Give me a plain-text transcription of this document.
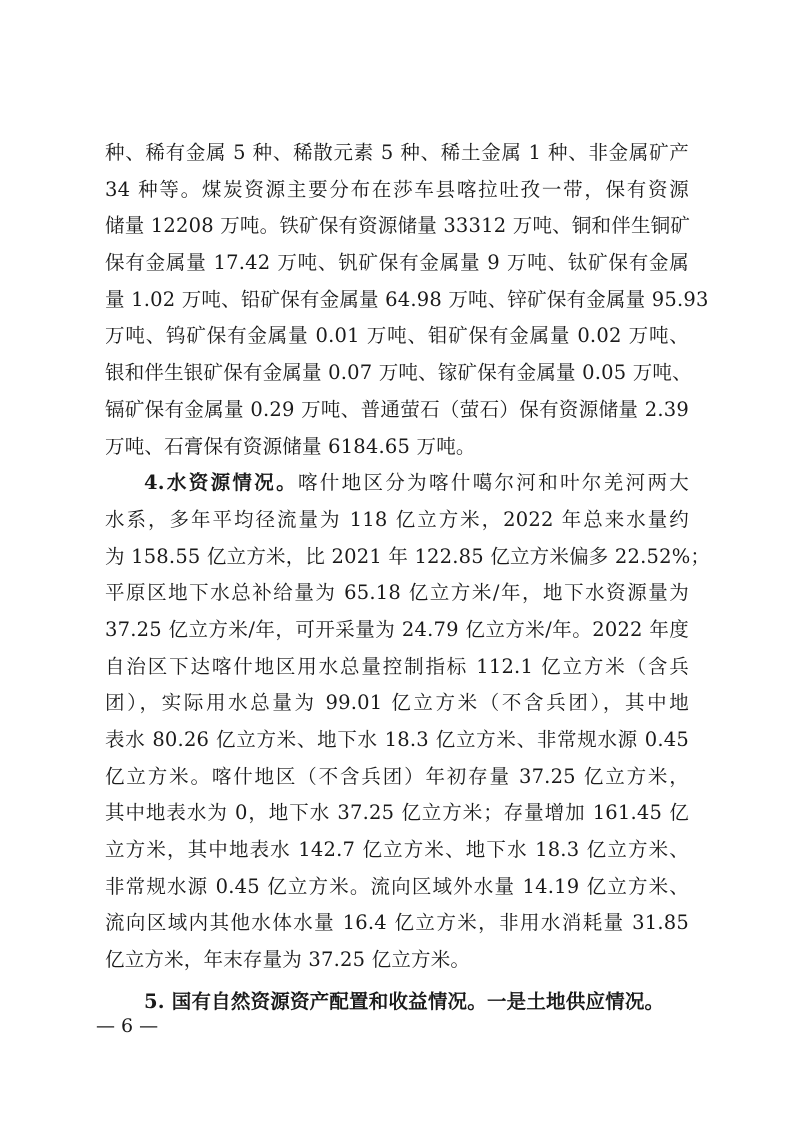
种、稀有金属 5 种、稀散元素 5 种、稀土金属 1 种、非金属矿产
34 种等。煤炭资源主要分布在莎车县喀拉吐孜一带，保有资源
储量 12208 万吨。铁矿保有资源储量 33312 万吨、铜和伴生铜矿
保有金属量 17.42 万吨、钒矿保有金属量 9 万吨、钛矿保有金属
量 1.02 万吨、铅矿保有金属量 64.98 万吨、锌矿保有金属量 95.93
万吨、钨矿保有金属量 0.01 万吨、钼矿保有金属量 0.02 万吨、
银和伴生银矿保有金属量 0.07 万吨、镓矿保有金属量 0.05 万吨、
镉矿保有金属量 0.29 万吨、普通萤石（萤石）保有资源储量 2.39
万吨、石膏保有资源储量 6184.65 万吨。
4.水资源情况。喀什地区分为喀什噶尔河和叶尔羌河两大
水系，多年平均径流量为 118 亿立方米，2022 年总来水量约
为 158.55 亿立方米，比 2021 年 122.85 亿立方米偏多 22.52%；
平原区地下水总补给量为 65.18 亿立方米/年，地下水资源量为
37.25 亿立方米/年，可开采量为 24.79 亿立方米/年。2022 年度
自治区下达喀什地区用水总量控制指标 112.1 亿立方米（含兵
团），实际用水总量为 99.01 亿立方米（不含兵团），其中地
表水 80.26 亿立方米、地下水 18.3 亿立方米、非常规水源 0.45
亿立方米。喀什地区（不含兵团）年初存量 37.25 亿立方米，
其中地表水为 0，地下水 37.25 亿立方米；存量增加 161.45 亿
立方米，其中地表水 142.7 亿立方米、地下水 18.3 亿立方米、
非常规水源 0.45 亿立方米。流向区域外水量 14.19 亿立方米、
流向区域内其他水体水量 16.4 亿立方米，非用水消耗量 31.85
亿立方米，年末存量为 37.25 亿立方米。
5. 国有自然资源资产配置和收益情况。一是土地供应情况。
— 6 —
